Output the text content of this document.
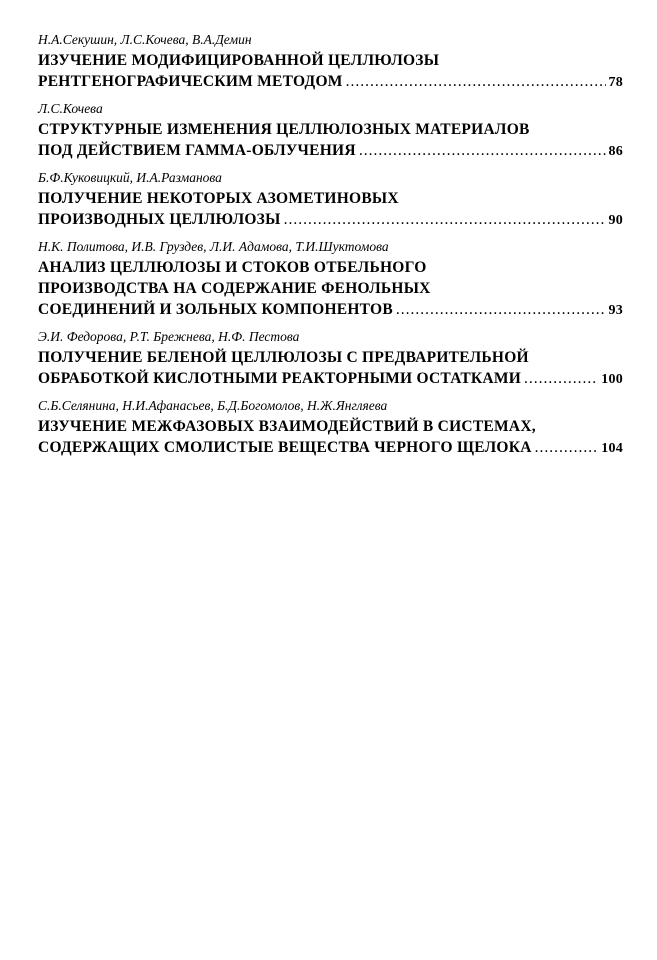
Н.А.Секушин, Л.С.Кочева, В.А.Демин
ИЗУЧЕНИЕ МОДИФИЦИРОВАННОЙ ЦЕЛЛЮЛОЗЫ
РЕНТГЕНОГРАФИЧЕСКИМ МЕТОДОМ .....	78
Л.С.Кочева
СТРУКТУРНЫЕ ИЗМЕНЕНИЯ ЦЕЛЛЮЛОЗНЫХ МАТЕРИАЛОВ
ПОД ДЕЙСТВИЕМ ГАММА-ОБЛУЧЕНИЯ .....	86
Б.Ф.Куковицкий, И.А.Размaнова
ПОЛУЧЕНИЕ НЕКОТОРЫХ АЗОМЕТИНОВЫХ
ПРОИЗВОДНЫХ ЦЕЛЛЮЛОЗЫ .....	90
Н.К. Политова, И.В. Груздев, Л.И. Адамова, Т.И.Шуктомова
АНАЛИЗ ЦЕЛЛЮЛОЗЫ И СТОКОВ ОТБЕЛЬНОГО
ПРОИЗВОДСТВА НА СОДЕРЖАНИЕ ФЕНОЛЬНЫХ
СОЕДИНЕНИЙ И ЗОЛЬНЫХ КОМПОНЕНТОВ .....	93
Э.И. Федорова, Р.Т. Брежнева, Н.Ф. Пестова
ПОЛУЧЕНИЕ БЕЛЕНОЙ ЦЕЛЛЮЛОЗЫ С ПРЕДВАРИТЕЛЬНОЙ
ОБРАБОТКОЙ КИСЛОТНЫМИ РЕАКТОРНЫМИ ОСТАТКАМИ .....	100
С.Б.Селянина, Н.И.Афанасьев, Б.Д.Богомолов, Н.Ж.Янгляева
ИЗУЧЕНИЕ МЕЖФАЗОВЫХ ВЗАИМОДЕЙСТВИЙ В СИСТЕМАХ,
СОДЕРЖАЩИХ СМОЛИСТЫЕ ВЕЩЕСТВА ЧЕРНОГО ЩЕЛОКА .....	104
